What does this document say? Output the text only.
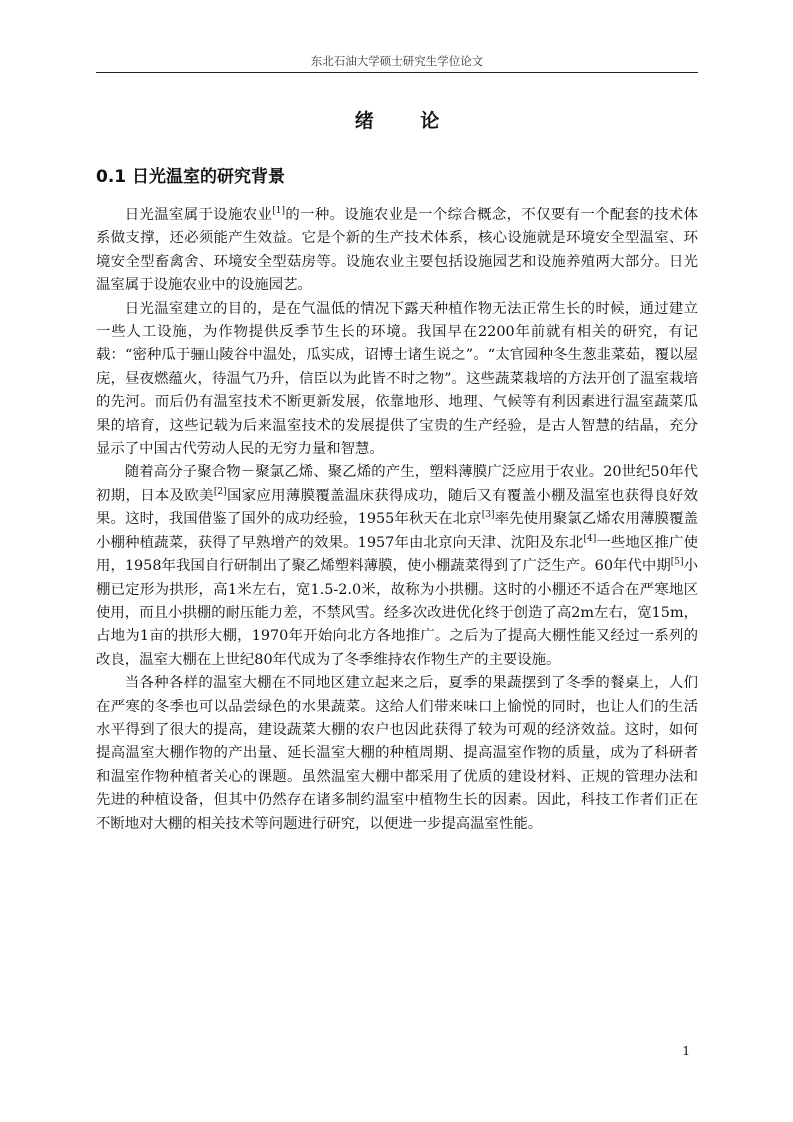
东北石油大学硕士研究生学位论文
绪 论
0.1 日光温室的研究背景

日光温室属于设施农业[1]的一种。设施农业是一个综合概念，不仅要有一个配套的技术体系做支撑，还必须能产生效益。它是个新的生产技术体系，核心设施就是环境安全型温室、环境安全型畜禽舍、环境安全型菇房等。设施农业主要包括设施园艺和设施养殖两大部分。日光温室属于设施农业中的设施园艺。

日光温室建立的目的，是在气温低的情况下露天种植作物无法正常生长的时候，通过建立一些人工设施，为作物提供反季节生长的环境。我国早在2200年前就有相关的研究，有记载：“密种瓜于骊山陵谷中温处，瓜实成，诏博士诸生说之”。“太官园种冬生葱韭菜茹，覆以屋庑，昼夜燃蕴火，待温气乃升，信臣以为此皆不时之物”。这些蔬菜栽培的方法开创了温室栽培的先河。而后仍有温室技术不断更新发展，依靠地形、地理、气候等有利因素进行温室蔬菜瓜果的培育，这些记载为后来温室技术的发展提供了宝贵的生产经验，是古人智慧的结晶，充分显示了中国古代劳动人民的无穷力量和智慧。

随着高分子聚合物－聚氯乙烯、聚乙烯的产生，塑料薄膜广泛应用于农业。20世纪50年代初期，日本及欧美[2]国家应用薄膜覆盖温床获得成功，随后又有覆盖小棚及温室也获得良好效果。这时，我国借鉴了国外的成功经验，1955年秋天在北京[3]率先使用聚氯乙烯农用薄膜覆盖小棚种植蔬菜，获得了早熟增产的效果。1957年由北京向天津、沈阳及东北[4]一些地区推广使用，1958年我国自行研制出了聚乙烯塑料薄膜，使小棚蔬菜得到了广泛生产。60年代中期[5]小棚已定形为拱形，高1米左右，宽1.5-2.0米，故称为小拱棚。这时的小棚还不适合在严寒地区使用，而且小拱棚的耐压能力差，不禁风雪。经多次改进优化终于创造了高2m左右，宽15m，占地为1亩的拱形大棚，1970年开始向北方各地推广。之后为了提高大棚性能又经过一系列的改良，温室大棚在上世纪80年代成为了冬季维持农作物生产的主要设施。

当各种各样的温室大棚在不同地区建立起来之后，夏季的果蔬摆到了冬季的餐桌上，人们在严寒的冬季也可以品尝绿色的水果蔬菜。这给人们带来味口上愉悦的同时，也让人们的生活水平得到了很大的提高，建设蔬菜大棚的农户也因此获得了较为可观的经济效益。这时，如何提高温室大棚作物的产出量、延长温室大棚的种植周期、提高温室作物的质量，成为了科研者和温室作物种植者关心的课题。虽然温室大棚中都采用了优质的建设材料、正规的管理办法和先进的种植设备，但其中仍然存在诸多制约温室中植物生长的因素。因此，科技工作者们正在不断地对大棚的相关技术等问题进行研究，以便进一步提高温室性能。

1
